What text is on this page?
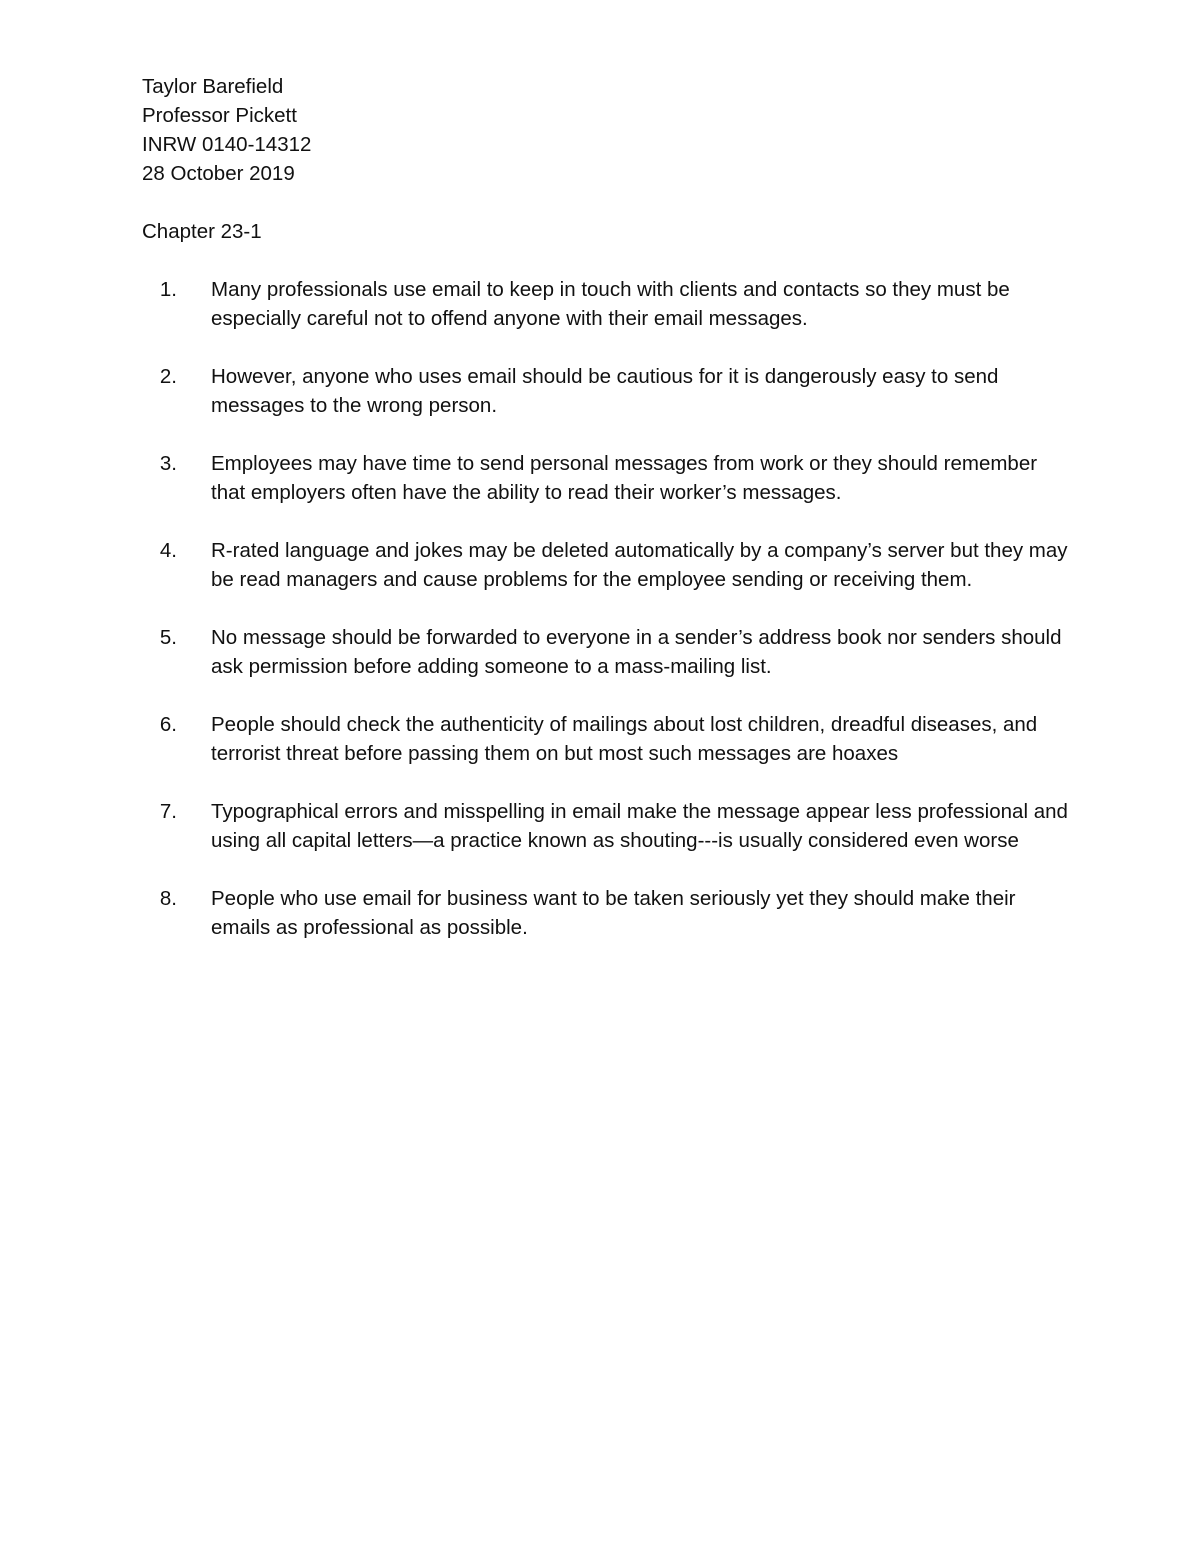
Taylor Barefield
Professor Pickett
INRW 0140-14312
28 October 2019
Chapter 23-1
1.	Many professionals use email to keep in touch with clients and contacts so they must be especially careful not to offend anyone with their email messages.
2.	However, anyone who uses email should be cautious for it is dangerously easy to send messages to the wrong person.
3.	Employees may have time to send personal messages from work or they should remember that employers often have the ability to read their worker’s messages.
4.	R-rated language and jokes may be deleted automatically by a company’s server but they may be read managers and cause problems for the employee sending or receiving them.
5.	No message should be forwarded to everyone in a sender’s address book nor senders should ask permission before adding someone to a mass-mailing list.
6.	People should check the authenticity of mailings about lost children, dreadful diseases, and terrorist threat before passing them on but most such messages are hoaxes
7.	Typographical errors and misspelling in email make the message appear less professional and using all capital letters—a practice known as shouting---is usually considered even worse
8.	People who use email for business want to be taken seriously yet they should make their emails as professional as possible.
